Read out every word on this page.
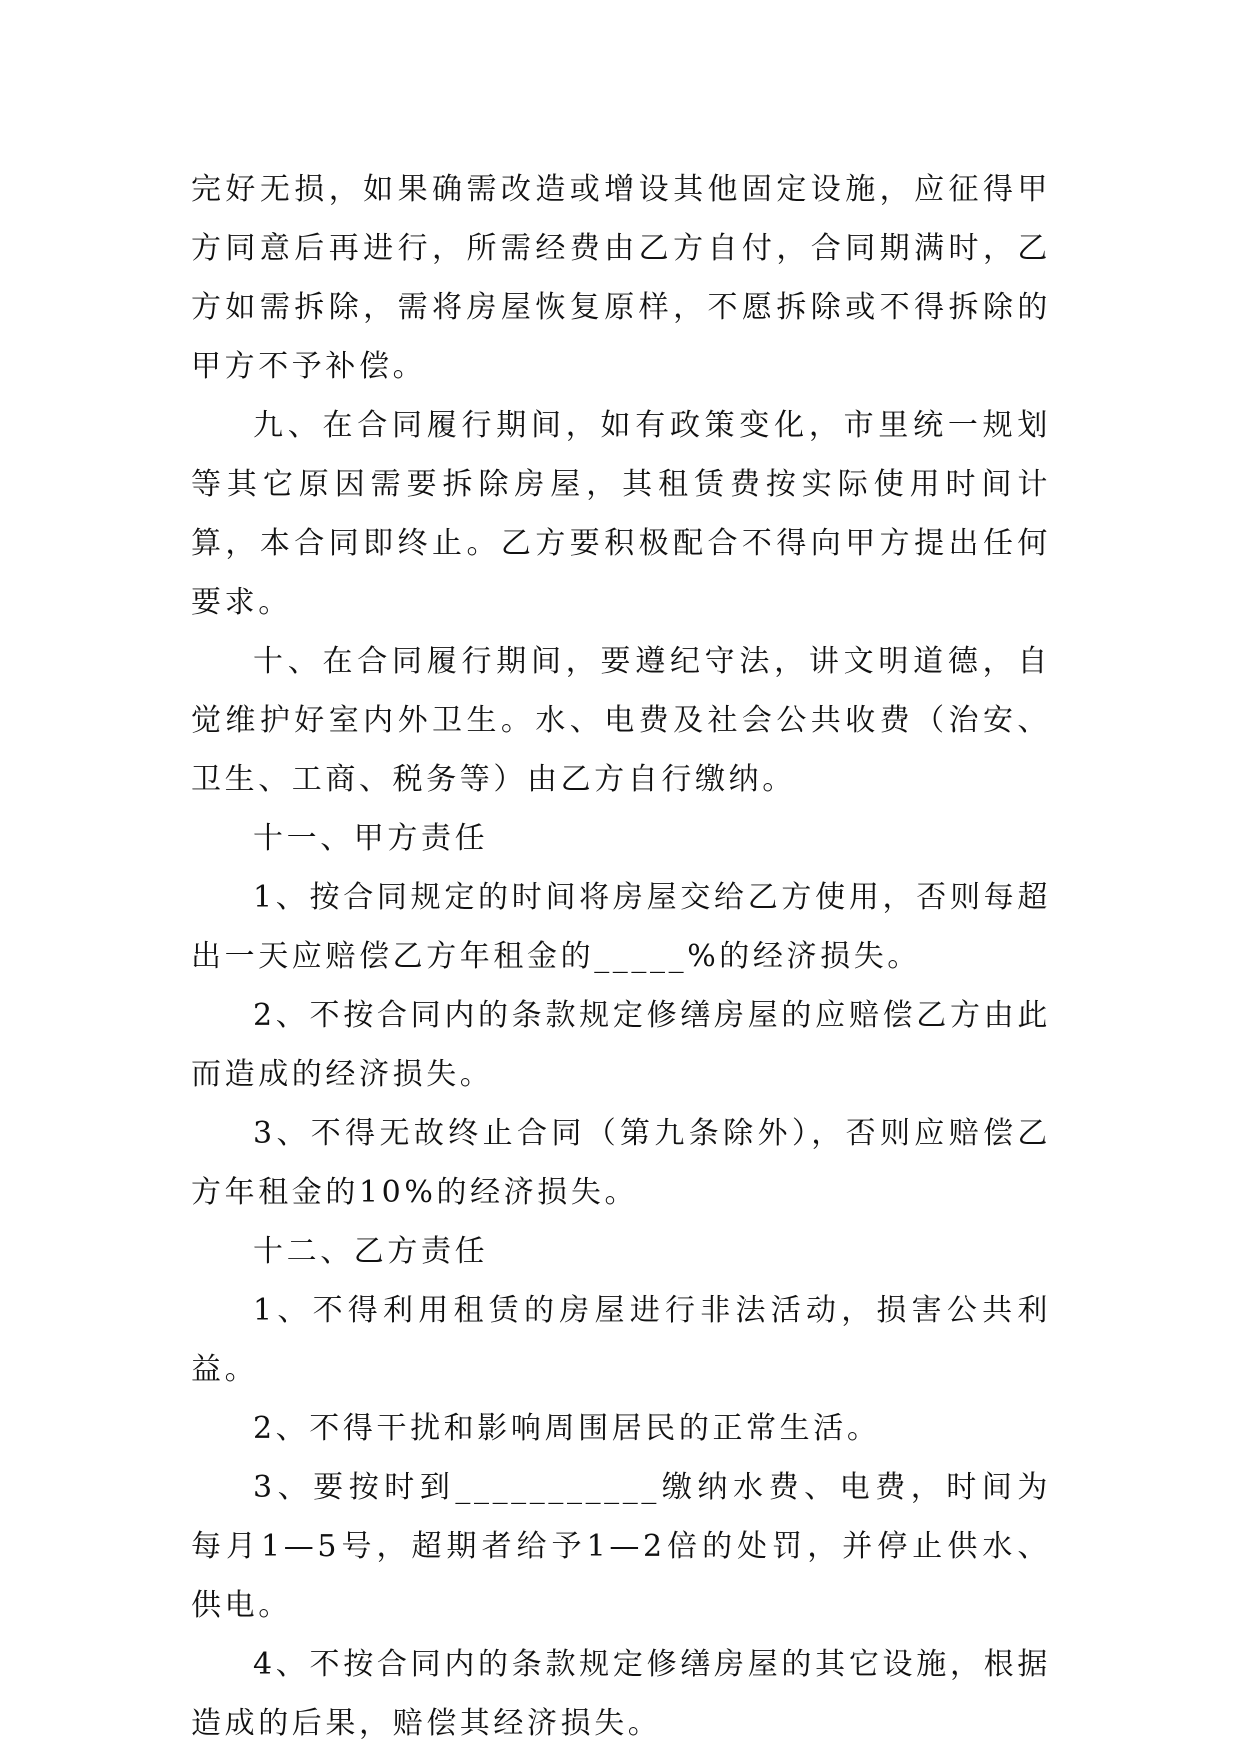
完好无损，如果确需改造或增设其他固定设施，应征得甲方同意后再进行，所需经费由乙方自付，合同期满时，乙方如需拆除，需将房屋恢复原样，不愿拆除或不得拆除的甲方不予补偿。

九、在合同履行期间，如有政策变化，市里统一规划等其它原因需要拆除房屋，其租赁费按实际使用时间计算，本合同即终止。乙方要积极配合不得向甲方提出任何要求。

十、在合同履行期间，要遵纪守法，讲文明道德，自觉维护好室内外卫生。水、电费及社会公共收费（治安、卫生、工商、税务等）由乙方自行缴纳。

十一、甲方责任

1、按合同规定的时间将房屋交给乙方使用，否则每超出一天应赔偿乙方年租金的_____%的经济损失。

2、不按合同内的条款规定修缮房屋的应赔偿乙方由此而造成的经济损失。

3、不得无故终止合同（第九条除外），否则应赔偿乙方年租金的10%的经济损失。

十二、乙方责任

1、不得利用租赁的房屋进行非法活动，损害公共利益。

2、不得干扰和影响周围居民的正常生活。

3、要按时到___________缴纳水费、电费，时间为每月1—5号，超期者给予1—2倍的处罚，并停止供水、供电。

4、不按合同内的条款规定修缮房屋的其它设施，根据造成的后果，赔偿其经济损失。
